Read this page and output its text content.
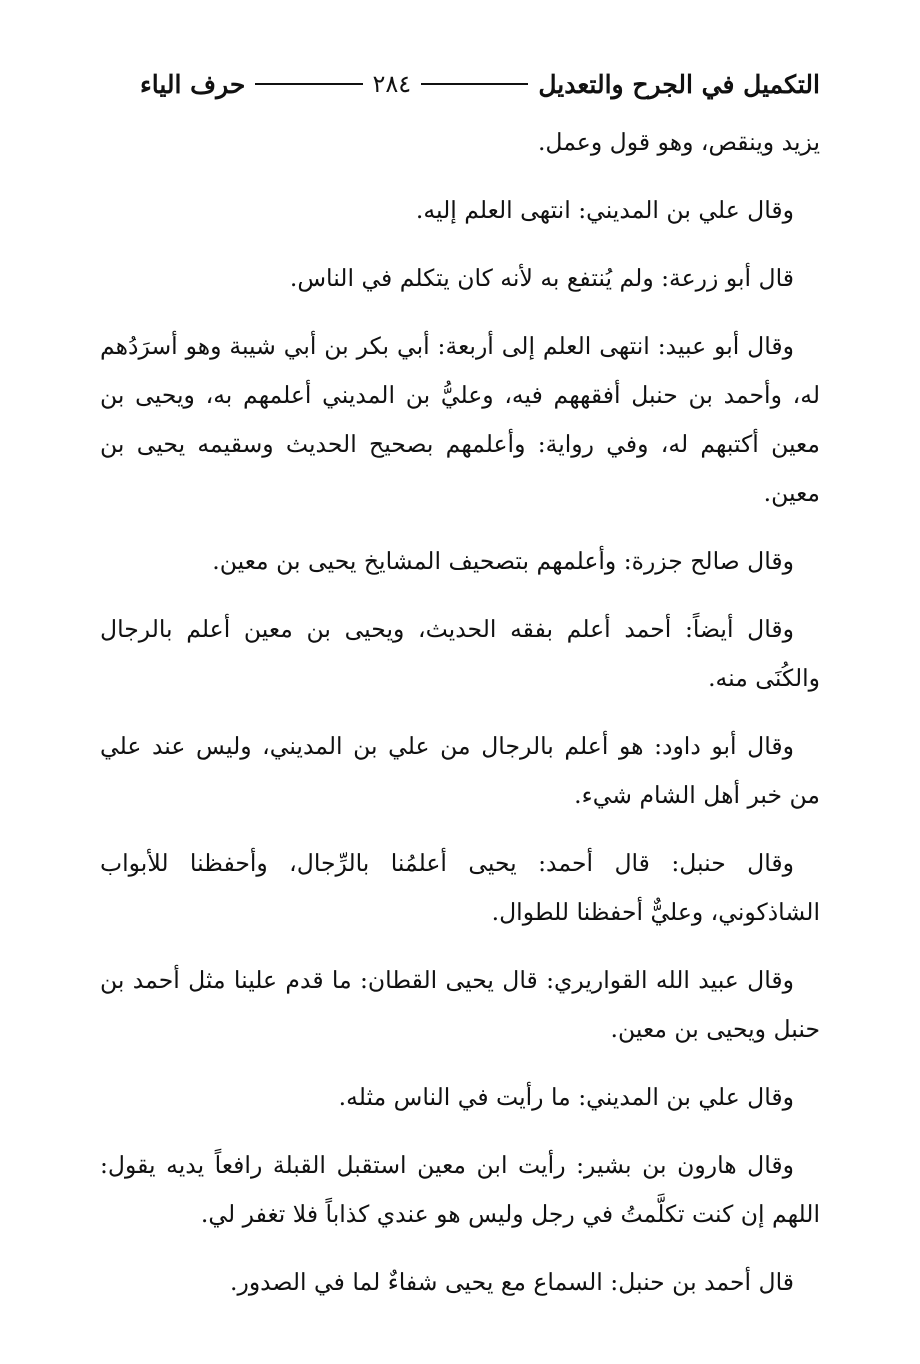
التكميل في الجرح والتعديل
٢٨٤
حرف الياء

يزيد وينقص، وهو قول وعمل.

وقال علي بن المديني: انتهى العلم إليه.

قال أبو زرعة: ولم يُنتفع به لأنه كان يتكلم في الناس.

وقال أبو عبيد: انتهى العلم إلى أربعة: أبي بكر بن أبي شيبة وهو أسرَدُهم له، وأحمد بن حنبل أفقههم فيه، وعليُّ بن المديني أعلمهم به، ويحيى بن معين أكتبهم له، وفي رواية: وأعلمهم بصحيح الحديث وسقيمه يحيى بن معين.

وقال صالح جزرة: وأعلمهم بتصحيف المشايخ يحيى بن معين.

وقال أيضاً: أحمد أعلم بفقه الحديث، ويحيى بن معين أعلم بالرجال والكُنَى منه.

وقال أبو داود: هو أعلم بالرجال من علي بن المديني، وليس عند علي من خبر أهل الشام شيء.

وقال حنبل: قال أحمد: يحيى أعلمُنا بالرِّجال، وأحفظنا للأبواب الشاذكوني، وعليٌّ أحفظنا للطوال.

وقال عبيد الله القواريري: قال يحيى القطان: ما قدم علينا مثل أحمد بن حنبل ويحيى بن معين.

وقال علي بن المديني: ما رأيت في الناس مثله.

وقال هارون بن بشير: رأيت ابن معين استقبل القبلة رافعاً يديه يقول: اللهم إن كنت تكلَّمتُ في رجل وليس هو عندي كذاباً فلا تغفر لي.

قال أحمد بن حنبل: السماع مع يحيى شفاءٌ لما في الصدور.
